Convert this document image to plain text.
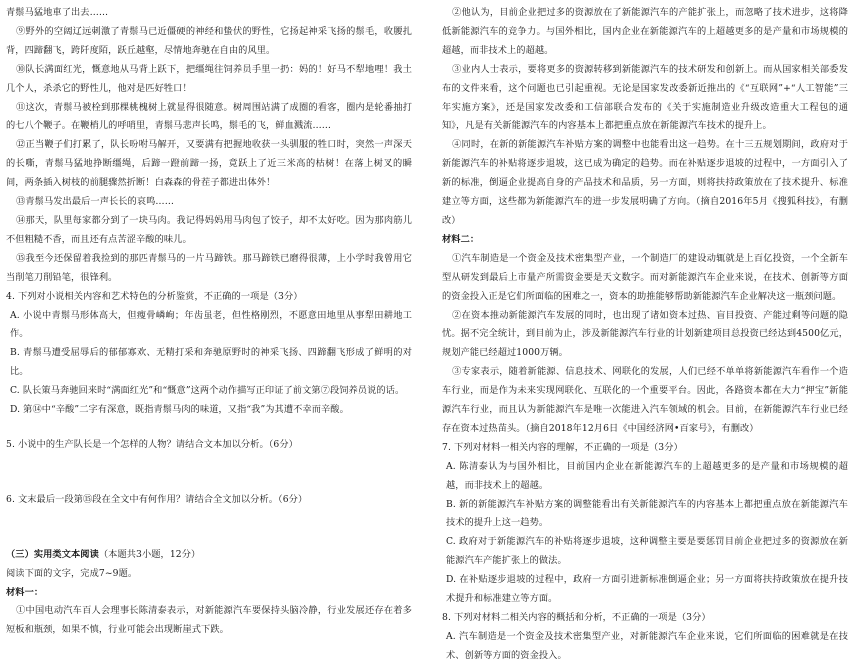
青鬃马猛地車了出去……

⑨野外的空阔辽远刺激了青鬃马已近僵硬的神经和蛰伏的野性，它扬起神采飞扬的鬃毛，收腰扎背，四蹄翻飞，跨阡度陌，跃丘越壑，尽情地奔驰在自由的风里。

⑩队长满面红光，慨意地从马背上跃下，把缰绳往饲养员手里一扔：妈的！好马不犁地哩！我土几个人，杀杀它的野性儿，他对是匹好牲口！

⑪这次，青鬃马被栓到那棵桃槐树上就显得很随意。树周围站满了成圈的看客，圈内是轮番抽打的七八个鞭子。在鞭梢儿的呼哨里，青鬃马悲声长鸣，鬃毛的飞，鲜血溅流……

⑫正当鞭子们打累了，队长吩咐马解开，又要满有把握地收获一头驯服的牲口时，突然一声深天的长嘶，青鬃马猛地挣断缰绳，后蹄一蹬前蹄一扬，竟跃上了近三米高的枯树！在落上树叉的瞬间，两条插入树枝的前腿骤然折断！白森森的骨茬子都进出体外！

⑬青鬃马发出最后一声长长的哀鸣……

⑭那天，队里每家都分到了一块马肉。我记得妈妈用马肉包了饺子，却不太好吃。因为那肉筋儿不但粗糙不香，而且还有点苦涩辛酸的味儿。

⑮我至今还保留着我捡到的那匹青鬃马的一片马蹄铁。那马蹄铁已磨得很薄，上小学时我曾用它当削笔刀削铅笔，很锋利。

4. 下列对小说相关内容和艺术特色的分析鉴赏，不正确的一项是（3分）

A. 小说中青鬃马形体高大，但瘦骨嶙峋；年齿虽老，但性格刚烈，不愿意田地里从事犁田耕地工作。

B. 青鬃马遭受屈辱后的郁郁寡欢、无精打采和奔驰原野时的神采飞扬、四蹄翻飞形成了鲜明的对比。

C. 队长策马奔驰回来时“满面红光”和“慨意”这两个动作描写正印证了前文第⑦段饲养员说的话。

D. 第⑭中“辛酸”二字有深意，既指青鬃马肉的味道，又指“我”为其遭不幸而辛酸。

5. 小说中的生产队长是一个怎样的人物？请结合文本加以分析。（6分）

6. 文末最后一段第⑮段在全文中有何作用？请结合全文加以分析。（6分）

（三）实用类文本阅读（本题共3小题，12分）

阅读下面的文字，完成7~9题。

材料一：

①中国电动汽车百人会理事长陈清泰表示，对新能源汽车要保持头脑冷静，行业发展还存在着多短板和瓶颈，如果不慎，行业可能会出现断崖式下跌。

②他认为，目前企业把过多的资源放在了新能源汽车的产能扩张上，而忽略了技术进步，这将降低新能源汽车的竞争力。与国外相比，国内企业在新能源汽车的上超越更多的是产量和市场规模的超越，而非技术上的超越。

③业内人士表示，要将更多的资源转移到新能源汽车的技术研发和创新上。而从国家相关部委发布的文件来看，这个问题也已引起重视。无论是国家发改委新近推出的《“互联网”+“人工智能”三年实施方案》，还是国家发改委和工信部联合发布的《关于实施制造业升级改造重大工程包的通知》，凡是有关新能源汽车的内容基本上都把重点放在新能源汽车技术的提升上。

④同时，在新的新能源汽车补贴方案的调整中也能看出这一趋势。在十三五规划期间，政府对于新能源汽车的补贴将逐步退坡，这已成为确定的趋势。而在补贴逐步退坡的过程中，一方面引入了新的标准，倒逼企业提高自身的产品技术和品质，另一方面，则将扶持政策放在了技术提升、标准建立等方面，这些都为新能源汽车的进一步发展明确了方向。（摘自2016年5月《搜狐科技》，有删改）

材料二：

①汽车制造是一个资金及技术密集型产业，一个制造厂的建设动辄就是上百亿投资，一个全新车型从研发到最后上市量产所需资金要是天文数字。而对新能源汽车企业来说，在技术、创新等方面的资金投入正是它们所面临的困难之一，资本的助推能够帮助新能源汽车企业解决这一瓶颈问题。

②在资本推动新能源汽车发展的同时，也出现了诸如资本过热、盲目投资、产能过剩等问题的隐忧。据不完全统计，到目前为止，涉及新能源汽车行业的计划新建项目总投资已经达到4500亿元，规划产能已经超过1000万辆。

③专家表示，随着新能源、信息技术、网联化的发展，人们已经不单单将新能源汽车看作一个造车行业，而是作为未来实现网联化、互联化的一个重要平台。因此，各路资本都在大力“押宝”新能源汽车行业，而且认为新能源汽车是唯一次能进入汽车领域的机会。目前，在新能源汽车行业已经存在资本过热苗头。（摘自2018年12月6日《中国经济网•百家号》，有删改）

7. 下列对材料一相关内容的理解，不正确的一项是（3分）

A. 陈清泰认为与国外相比，目前国内企业在新能源汽车的上超越更多的是产量和市场规模的超越，而非技术上的超越。

B. 新的新能源汽车补贴方案的调整能看出有关新能源汽车的内容基本上都把重点放在新能源汽车技术的提升上这一趋势。

C. 政府对于新能源汽车的补贴将逐步退坡，这种调整主要是要惩罚目前企业把过多的资源放在新能源汽车产能扩张上的做法。

D. 在补贴逐步退坡的过程中，政府一方面引进新标准倒逼企业；另一方面将扶持政策放在提升技术提升和标准建立等方面。

8. 下列对材料二相关内容的概括和分析，不正确的一项是（3分）

A. 汽车制造是一个资金及技术密集型产业，对新能源汽车企业来说，它们所面临的困难就是在技术、创新等方面的资金投入。
